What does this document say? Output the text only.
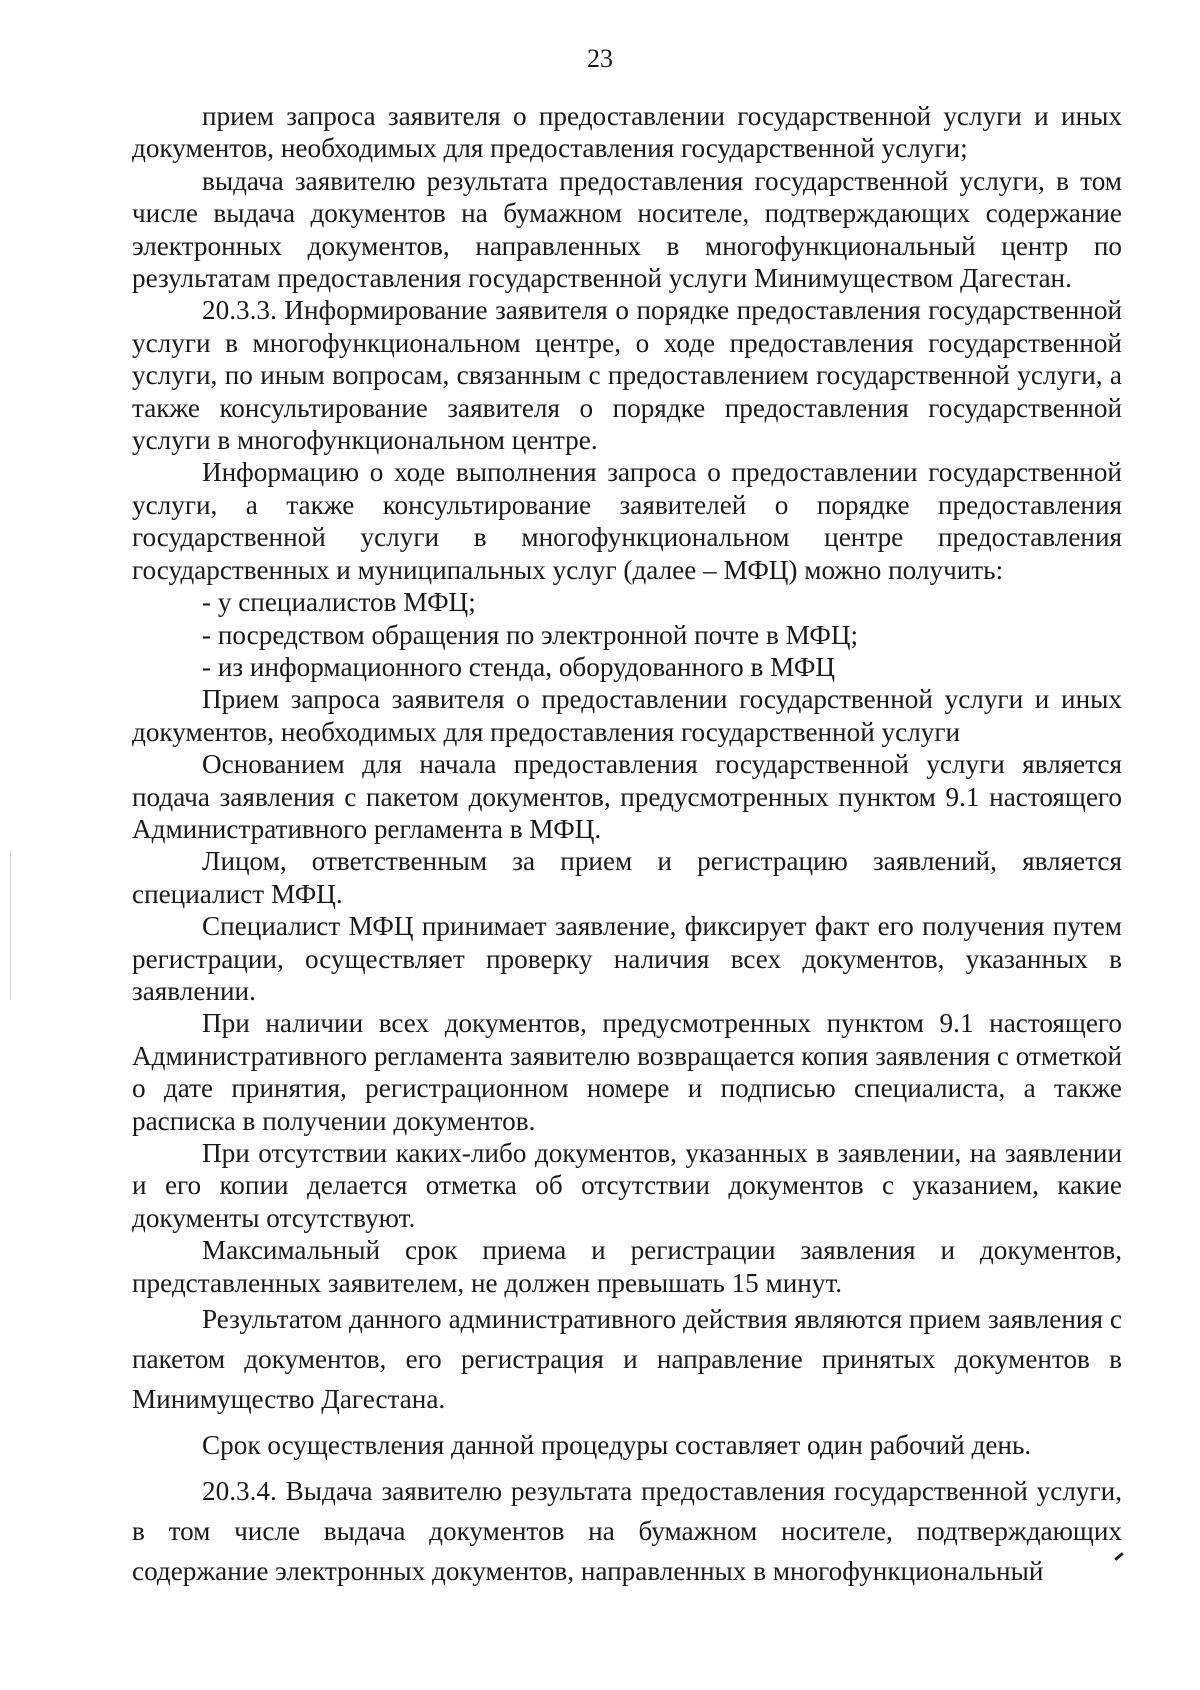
23

прием запроса заявителя о предоставлении государственной услуги и иных документов, необходимых для предоставления государственной услуги;

выдача заявителю результата предоставления государственной услуги, в том числе выдача документов на бумажном носителе, подтверждающих содержание электронных документов, направленных в многофункциональный центр по результатам предоставления государственной услуги Минимуществом Дагестан.

20.3.3. Информирование заявителя о порядке предоставления государственной услуги в многофункциональном центре, о ходе предоставления государственной услуги, по иным вопросам, связанным с предоставлением государственной услуги, а также консультирование заявителя о порядке предоставления государственной услуги в многофункциональном центре.

Информацию о ходе выполнения запроса о предоставлении государственной услуги, а также консультирование заявителей о порядке предоставления государственной услуги в многофункциональном центре предоставления государственных и муниципальных услуг (далее – МФЦ) можно получить:

- у специалистов МФЦ;

- посредством обращения по электронной почте в МФЦ;

- из информационного стенда, оборудованного в МФЦ

Прием запроса заявителя о предоставлении государственной услуги и иных документов, необходимых для предоставления государственной услуги

Основанием для начала предоставления государственной услуги является подача заявления с пакетом документов, предусмотренных пунктом 9.1 настоящего Административного регламента в МФЦ.

Лицом, ответственным за прием и регистрацию заявлений, является специалист МФЦ.

Специалист МФЦ принимает заявление, фиксирует факт его получения путем регистрации, осуществляет проверку наличия всех документов, указанных в заявлении.

При наличии всех документов, предусмотренных пунктом 9.1 настоящего Административного регламента заявителю возвращается копия заявления с отметкой о дате принятия, регистрационном номере и подписью специалиста, а также расписка в получении документов.

При отсутствии каких-либо документов, указанных в заявлении, на заявлении и его копии делается отметка об отсутствии документов с указанием, какие документы отсутствуют.

Максимальный срок приема и регистрации заявления и документов, представленных заявителем, не должен превышать 15 минут.

Результатом данного административного действия являются прием заявления с пакетом документов, его регистрация и направление принятых документов в Минимущество Дагестана.

Срок осуществления данной процедуры составляет один рабочий день.

20.3.4. Выдача заявителю результата предоставления государственной услуги, в том числе выдача документов на бумажном носителе, подтверждающих содержание электронных документов, направленных в многофункциональный
